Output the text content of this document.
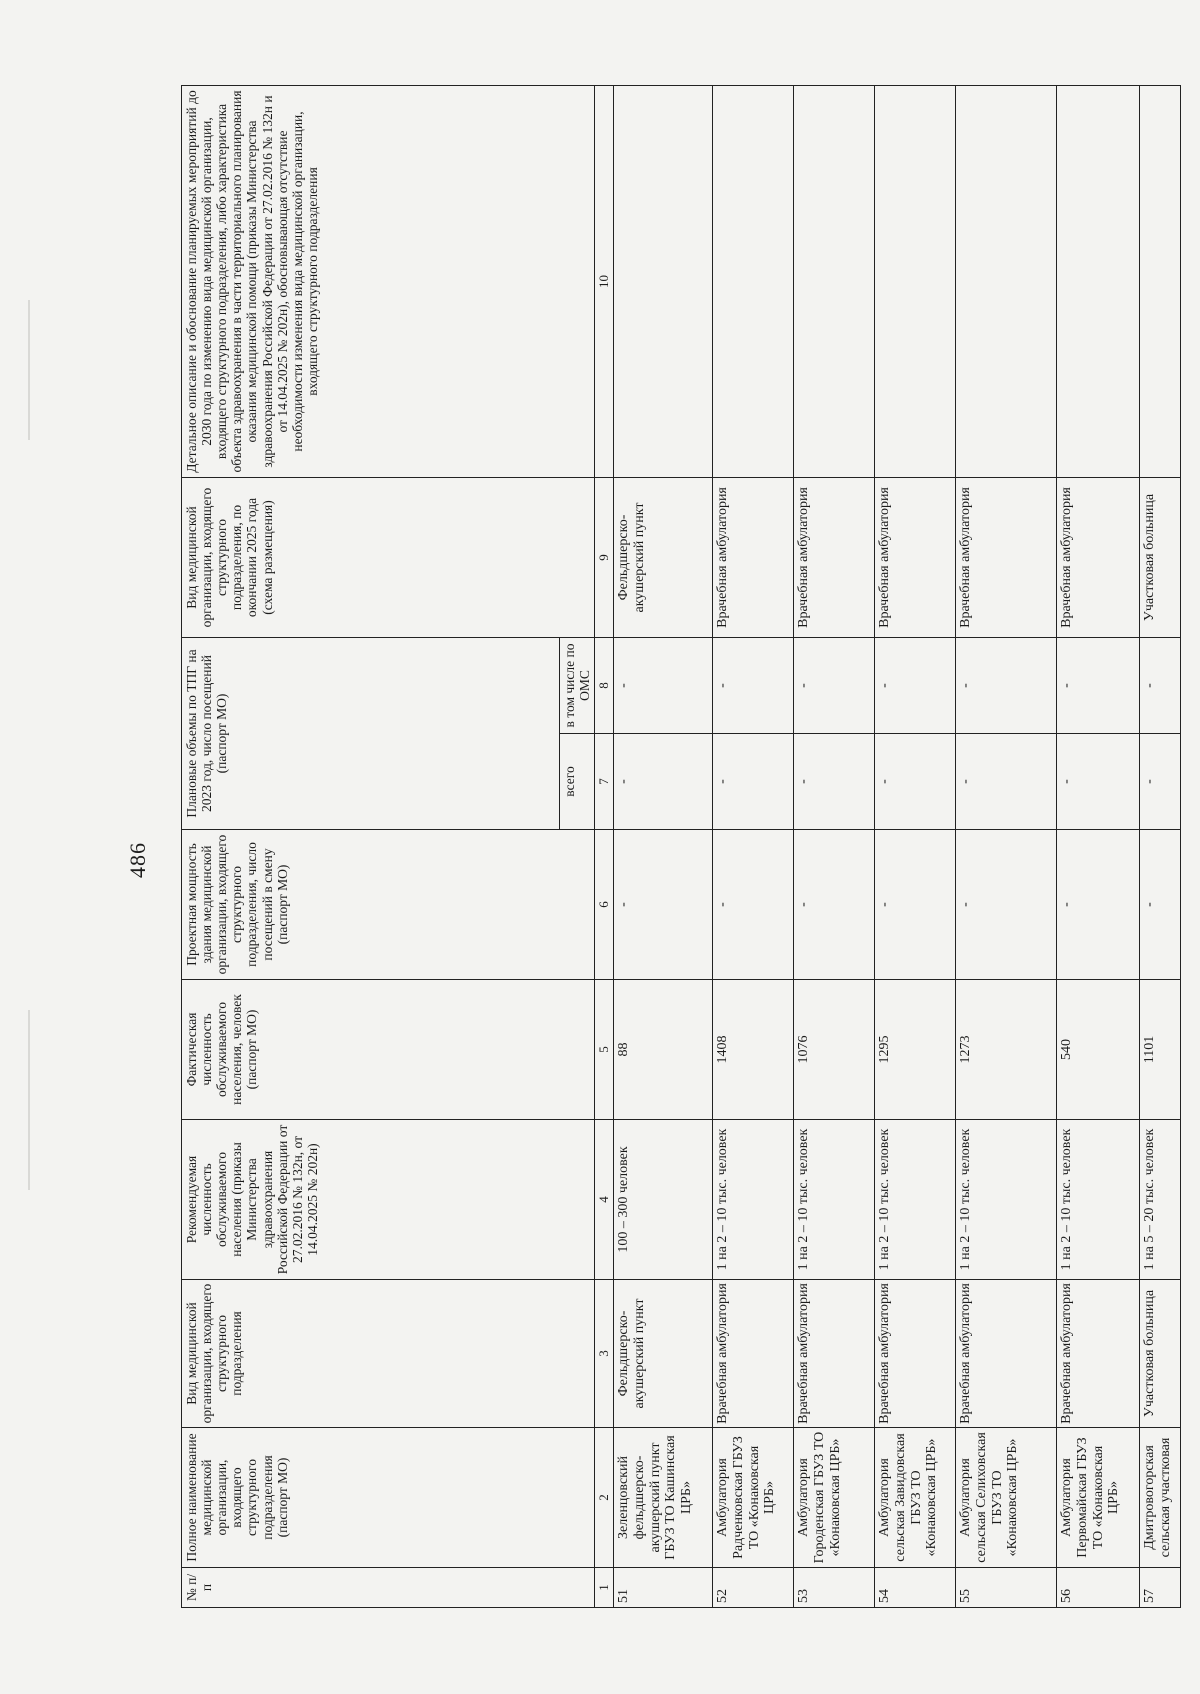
486
№ п/п	Полное наименование медицинской организации, входящего структурного подразделения (паспорт МО)	Вид медицинской организации, входящего структурного подразделения	Рекомендуемая численность обслуживаемого населения (приказы Министерства здравоохранения Российской Федерации от 27.02.2016 № 132н, от 14.04.2025 № 202н)	Фактическая численность обслуживаемого населения, человек (паспорт МО)	Проектная мощность здания медицинской организации, входящего структурного подразделения, число посещений в смену (паспорт МО)	Плановые объемы по ТПГ на 2023 год, число посещений (паспорт МО)		Вид медицинской организации, входящего структурного подразделения, по окончании 2025 года (схема размещения)	Детальное описание и обоснование планируемых мероприятий до 2030 года по изменению вида медицинской организации, входящего структурного подразделения, либо характеристика объекта здравоохранения в части территориального планирования оказания медицинской помощи (приказы Министерства здравоохранения Российской Федерации от 27.02.2016 № 132н и от 14.04.2025 № 202н), обосновывающая отсутствие необходимости изменения вида медицинской организации, входящего структурного подразделения
						всего	в том числе по ОМС		
1	2	3	4	5	6	7	8	9	10
51	Зеленцовский фельдшерско-акушерский пункт ГБУЗ ТО Кашинская ЦРБ»	Фельдшерско-акушерский пункт	100 – 300 человек	88	-	-	-	Фельдшерско-акушерский пункт	
52	Амбулатория Радченковская ГБУЗ ТО «Конаковская ЦРБ»	Врачебная амбулатория	1 на 2 – 10 тыс. человек	1408	-	-	-	Врачебная амбулатория	
53	Амбулатория Городенская ГБУЗ ТО «Конаковская ЦРБ»	Врачебная амбулатория	1 на 2 – 10 тыс. человек	1076	-	-	-	Врачебная амбулатория	
54	Амбулатория сельская Завидовская ГБУЗ ТО «Конаковская ЦРБ»	Врачебная амбулатория	1 на 2 – 10 тыс. человек	1295	-	-	-	Врачебная амбулатория	
55	Амбулатория сельская Селиховская ГБУЗ ТО «Конаковская ЦРБ»	Врачебная амбулатория	1 на 2 – 10 тыс. человек	1273	-	-	-	Врачебная амбулатория	
56	Амбулатория Первомайская ГБУЗ ТО «Конаковская ЦРБ»	Врачебная амбулатория	1 на 2 – 10 тыс. человек	540	-	-	-	Врачебная амбулатория	
57	Дмитровогорская сельская участковая	Участковая больница	1 на 5 – 20 тыс. человек	1101	-	-	-	Участковая больница	
